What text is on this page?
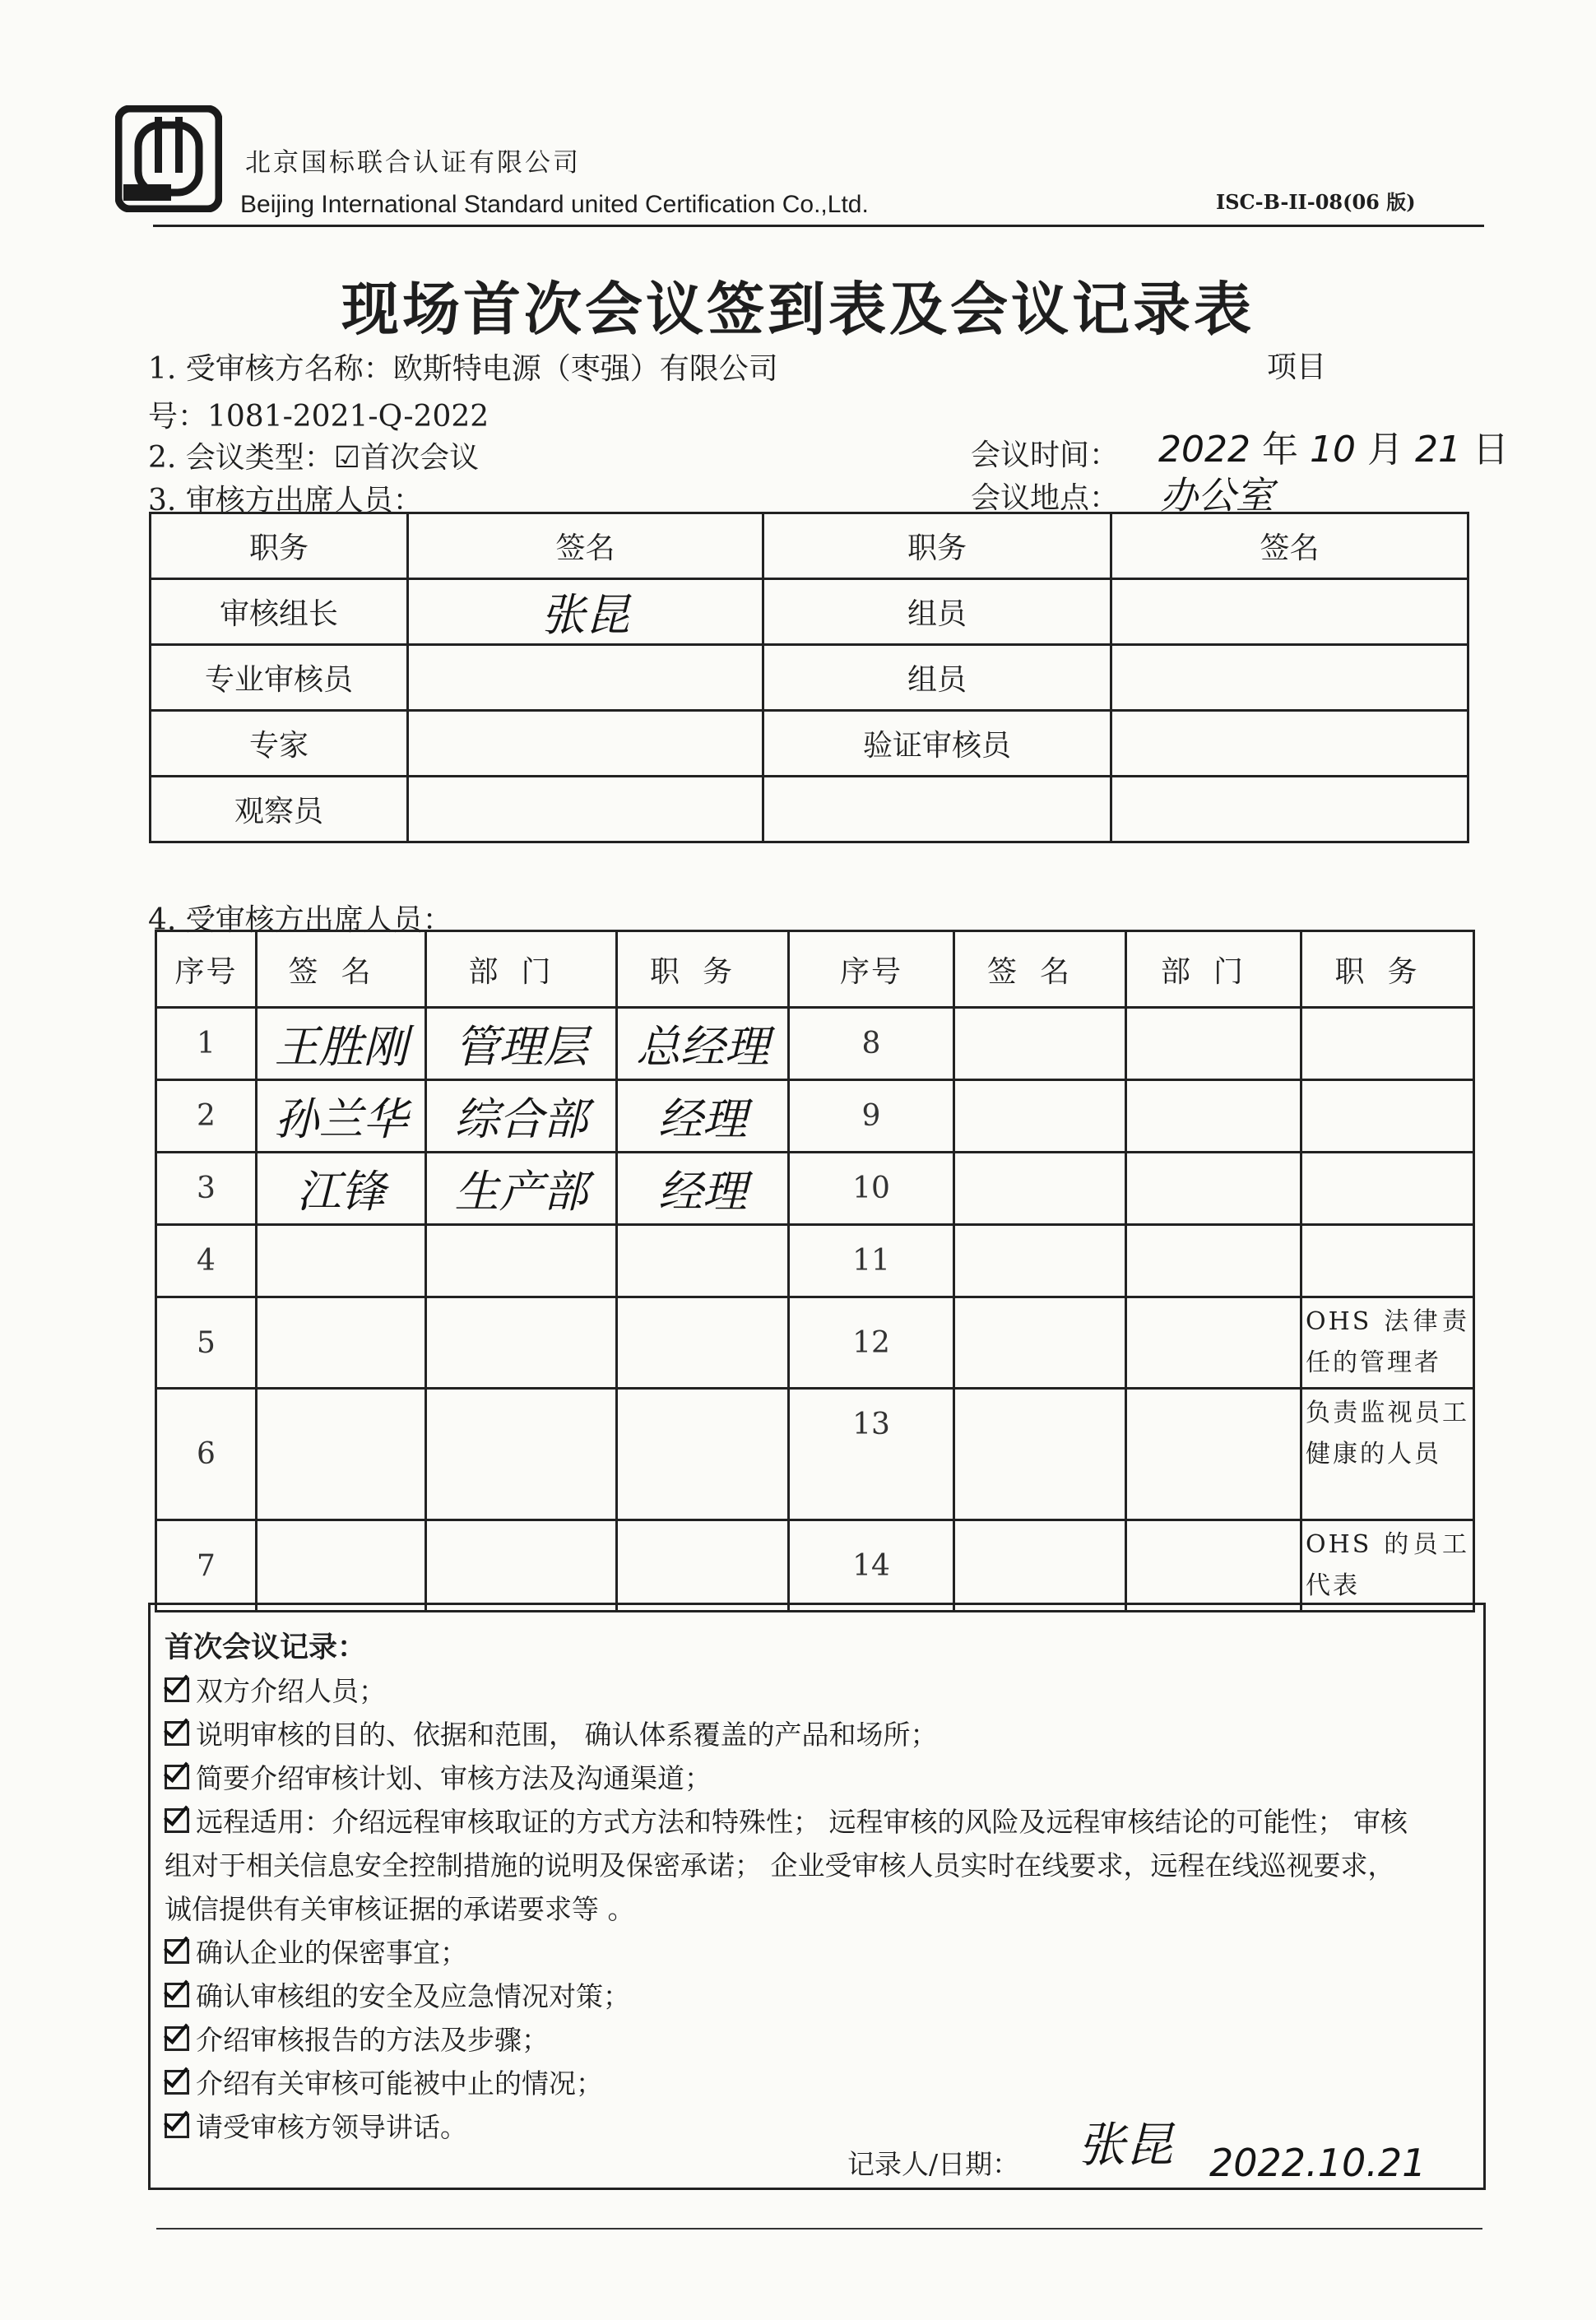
北京国标联合认证有限公司
Beijing International Standard united Certification Co.,Ltd.	ISC-B-II-08(06 版)
现场首次会议签到表及会议记录表
1. 受审核方名称：欧斯特电源（枣强）有限公司	项目
号：1081-2021-Q-2022
2. 会议类型：☑首次会议	会议时间： 2022 年 10 月 21 日
3. 审核方出席人员：	会议地点： 办公室
职务	签名	职务	签名
审核组长	张昆	组员	
专业审核员		组员	
专家		验证审核员	
观察员			
4. 受审核方出席人员：
序号	签名	部门	职务	序号	签名	部门	职务
1	王胜刚	管理层	总经理	8			
2	孙兰华	综合部	经理	9			
3	江锋	生产部	经理	10			
4				11			
5				12			OHS 法律责任的管理者
6				13			负责监视员工健康的人员
7				14			OHS 的员工代表
首次会议记录：
双方介绍人员；
说明审核的目的、依据和范围， 确认体系覆盖的产品和场所；
简要介绍审核计划、审核方法及沟通渠道；
远程适用：介绍远程审核取证的方式方法和特殊性； 远程审核的风险及远程审核结论的可能性； 审核
组对于相关信息安全控制措施的说明及保密承诺； 企业受审核人员实时在线要求，远程在线巡视要求，
诚信提供有关审核证据的承诺要求等 。
确认企业的保密事宜；
确认审核组的安全及应急情况对策；
介绍审核报告的方法及步骤；
介绍有关审核可能被中止的情况；
请受审核方领导讲话。
记录人/日期： 张昆 2022.10.21
